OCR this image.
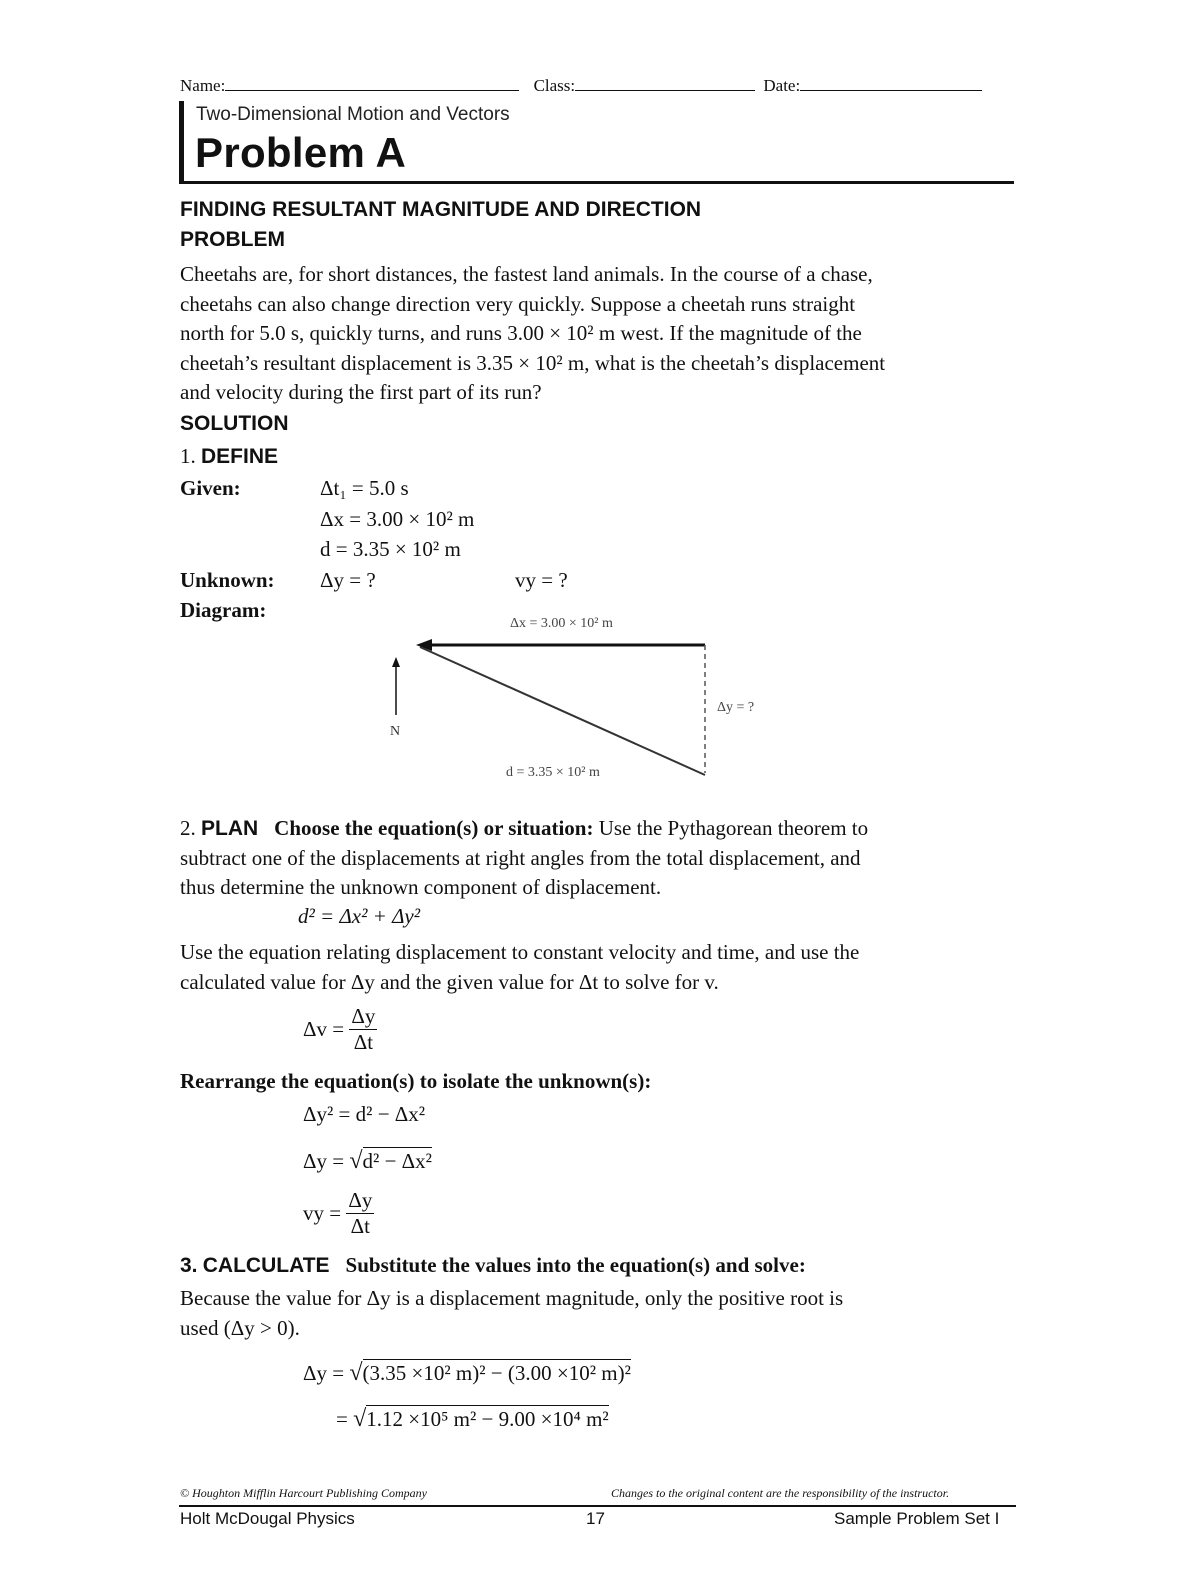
Name:	Class:	Date:
Two-Dimensional Motion and Vectors
Problem A
FINDING RESULTANT MAGNITUDE AND DIRECTION
PROBLEM
Cheetahs are, for short distances, the fastest land animals. In the course of a chase,
cheetahs can also change direction very quickly. Suppose a cheetah runs straight
north for 5.0 s, quickly turns, and runs 3.00 × 10² m west. If the magnitude of the
cheetah’s resultant displacement is 3.35 × 10² m, what is the cheetah’s displacement
and velocity during the first part of its run?
SOLUTION
1. DEFINE
Given:	Δt₁ = 5.0 s
Δx = 3.00 × 10² m
d = 3.35 × 10² m
Unknown: Δy = ?	vy = ?
Diagram:
N
Δx = 3.00 × 10² m
Δy = ?
d = 3.35 × 10² m
2. PLAN Choose the equation(s) or situation: Use the Pythagorean theorem to
subtract one of the displacements at right angles from the total displacement, and
thus determine the unknown component of displacement.
d² = Δx² + Δy²
Use the equation relating displacement to constant velocity and time, and use the
calculated value for Δy and the given value for Δt to solve for v.
$\Delta v = \frac{\Delta y}{\Delta t}$
Rearrange the equation(s) to isolate the unknown(s):
Δy² = d² − Δx²
Δy = √d² − Δx²
vy = $\frac{\Delta y}{\Delta t}$
3. CALCULATE Substitute the values into the equation(s) and solve:
Because the value for Δy is a displacement magnitude, only the positive root is
used (Δy > 0).
Δy = √(3.35 ×10² m)² − (3.00 ×10² m)²
= √1.12 ×10⁵ m² − 9.00 ×10⁴ m²
© Houghton Mifflin Harcourt Publishing Company	Changes to the original content are the responsibility of the instructor.
Holt McDougal Physics	17	Sample Problem Set I
